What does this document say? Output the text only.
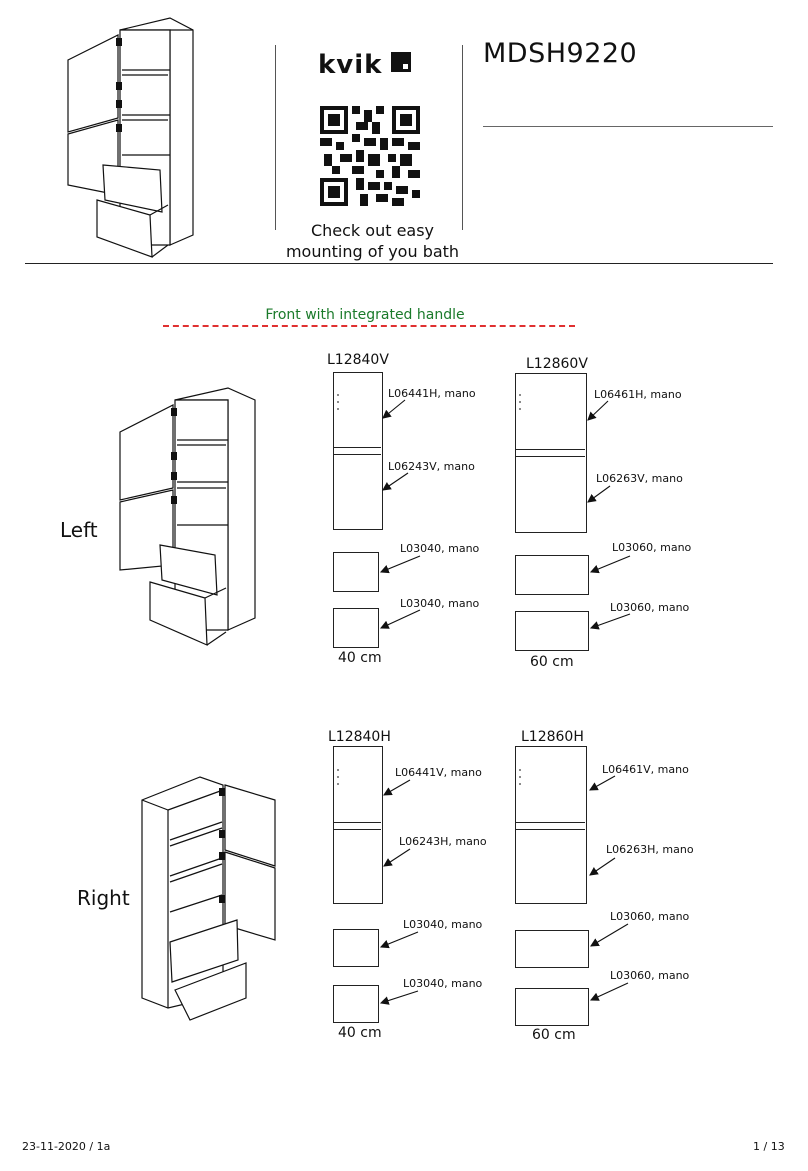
kvik
Check out easy
mounting of you bath
MDSH9220
Front with integrated handle
Left
L12840V
L06441H, mano
L06243V, mano
L03040, mano
L03040, mano
40 cm
L12860V
L06461H, mano
L06263V, mano
L03060, mano
L03060, mano
60 cm
Right
L12840H
L06441V, mano
L06243H, mano
L03040, mano
L03040, mano
40 cm
L12860H
L06461V, mano
L06263H, mano
L03060, mano
L03060, mano
60 cm
23-11-2020 / 1a	1 / 13
